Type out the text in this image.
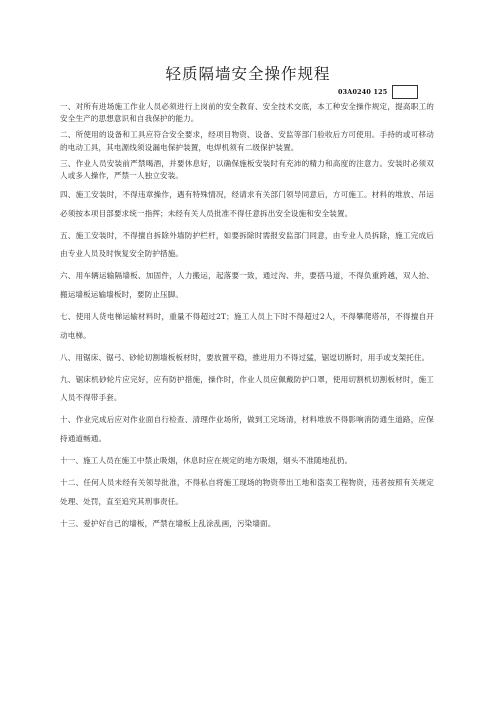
轻质隔墙安全操作规程
03A0240 125

一、对所有进场施工作业人员必须进行上岗前的安全教育、安全技术交底，本工种安全操作规定，提高职工的安全生产的思想意识和自我保护的能力。

二、所使用的设备和工具应符合安全要求，经项目物资、设备、安监等部门验收后方可使用。手持的或可移动的电动工具，其电源线须设漏电保护装置，电焊机须有二级保护装置。

三、作业人员安装前严禁喝酒，并要休息好，以确保施板安装时有充沛的精力和高度的注意力。安装时必须双人或多人操作，严禁一人独立安装。

四、施工安装时，不得违章操作，遇有特殊情况，经请求有关部门领导同意后，方可施工。材料的堆放、吊运必须按本项目部要求统一指挥；未经有关人员批准不得任意拆出安全设施和安全装置。

五、施工安装时，不得擅自拆除外墙防护栏杆，如要拆除时需报安监部门同意，由专业人员拆除，施工完成后由专业人员及时恢复安全防护措施。

六、用车辆运输隔墙板、加固件，人力搬运，起落要一致，通过沟、井，要搭马道，不得负重跨越，双人抬、搬运墙板运输墙板时，要防止压脚。

七、使用人货电梯运输材料时，重量不得超过2T；施工人员上下时不得超过2人，不得攀爬塔吊，不得擅自开动电梯。

八、用锯床、锯弓、砂轮切割墙板板材时，要放置平稳，推进用力不得过猛，锯逗切断时，用手或支架托住。

九、锯床机砂轮片应完好，应有防护措施，操作时，作业人员应佩戴防护口罩，使用切割机切割板材时，施工人员不得带手套。

十、作业完成后应对作业面自行检查、清理作业场所，做到工完场清，材料堆放不得影响消防通生道路，应保持通道畅通。

十一、施工人员在施工中禁止吸烟，休息时应在规定的地方吸烟，烟头不准随地乱扔。

十二、任何人员未经有关领导批准，不得私自将施工现场的物资带出工地和盗卖工程物资，违者按照有关规定处理、处罚，直至追究其刑事责任。

十三、爱护好自己的墙板，严禁在墙板上乱涂乱画，污染墙面。
